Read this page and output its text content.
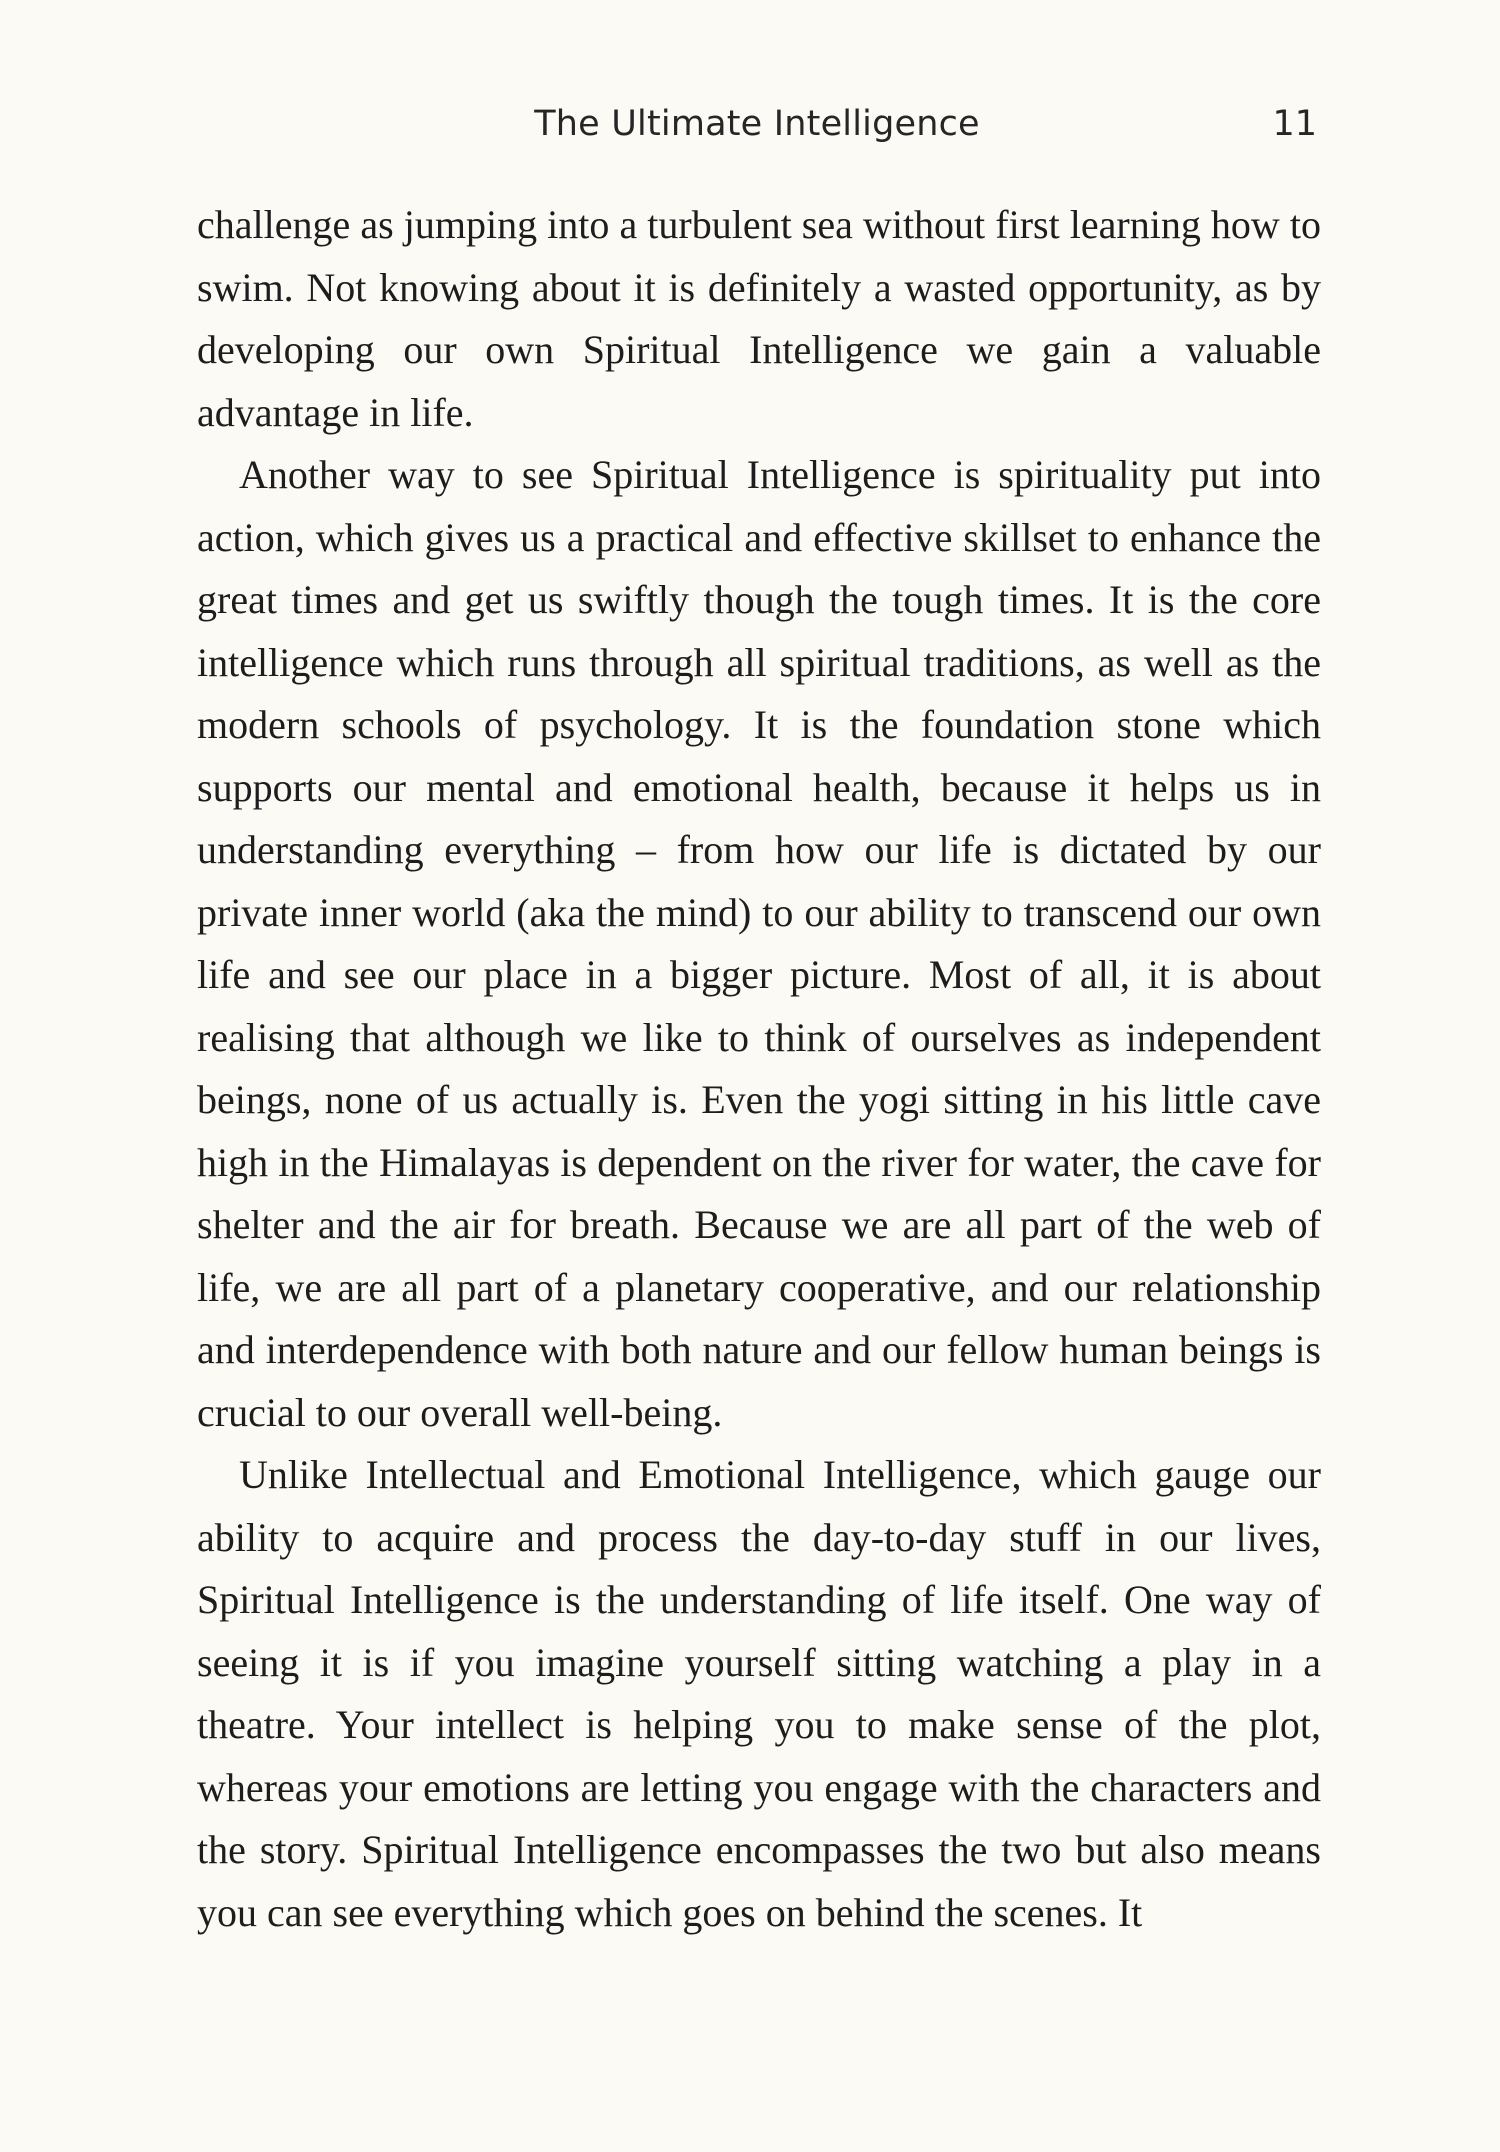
The Ultimate Intelligence	11

challenge as jumping into a turbulent sea without first learning how to swim. Not knowing about it is definitely a wasted opportunity, as by developing our own Spiritual Intelligence we gain a valuable advantage in life.

Another way to see Spiritual Intelligence is spirituality put into action, which gives us a practical and effective skillset to enhance the great times and get us swiftly though the tough times. It is the core intelligence which runs through all spiritual traditions, as well as the modern schools of psychology. It is the foundation stone which supports our mental and emotional health, because it helps us in understanding everything – from how our life is dictated by our private inner world (aka the mind) to our ability to transcend our own life and see our place in a bigger picture. Most of all, it is about realising that although we like to think of ourselves as independent beings, none of us actually is. Even the yogi sitting in his little cave high in the Himalayas is dependent on the river for water, the cave for shelter and the air for breath. Because we are all part of the web of life, we are all part of a planetary cooperative, and our relationship and interdependence with both nature and our fellow human beings is crucial to our overall well-being.

Unlike Intellectual and Emotional Intelligence, which gauge our ability to acquire and process the day-to-day stuff in our lives, Spiritual Intelligence is the understanding of life itself. One way of seeing it is if you imagine yourself sitting watching a play in a theatre. Your intellect is helping you to make sense of the plot, whereas your emotions are letting you engage with the characters and the story. Spiritual Intelligence encompasses the two but also means you can see everything which goes on behind the scenes. It
